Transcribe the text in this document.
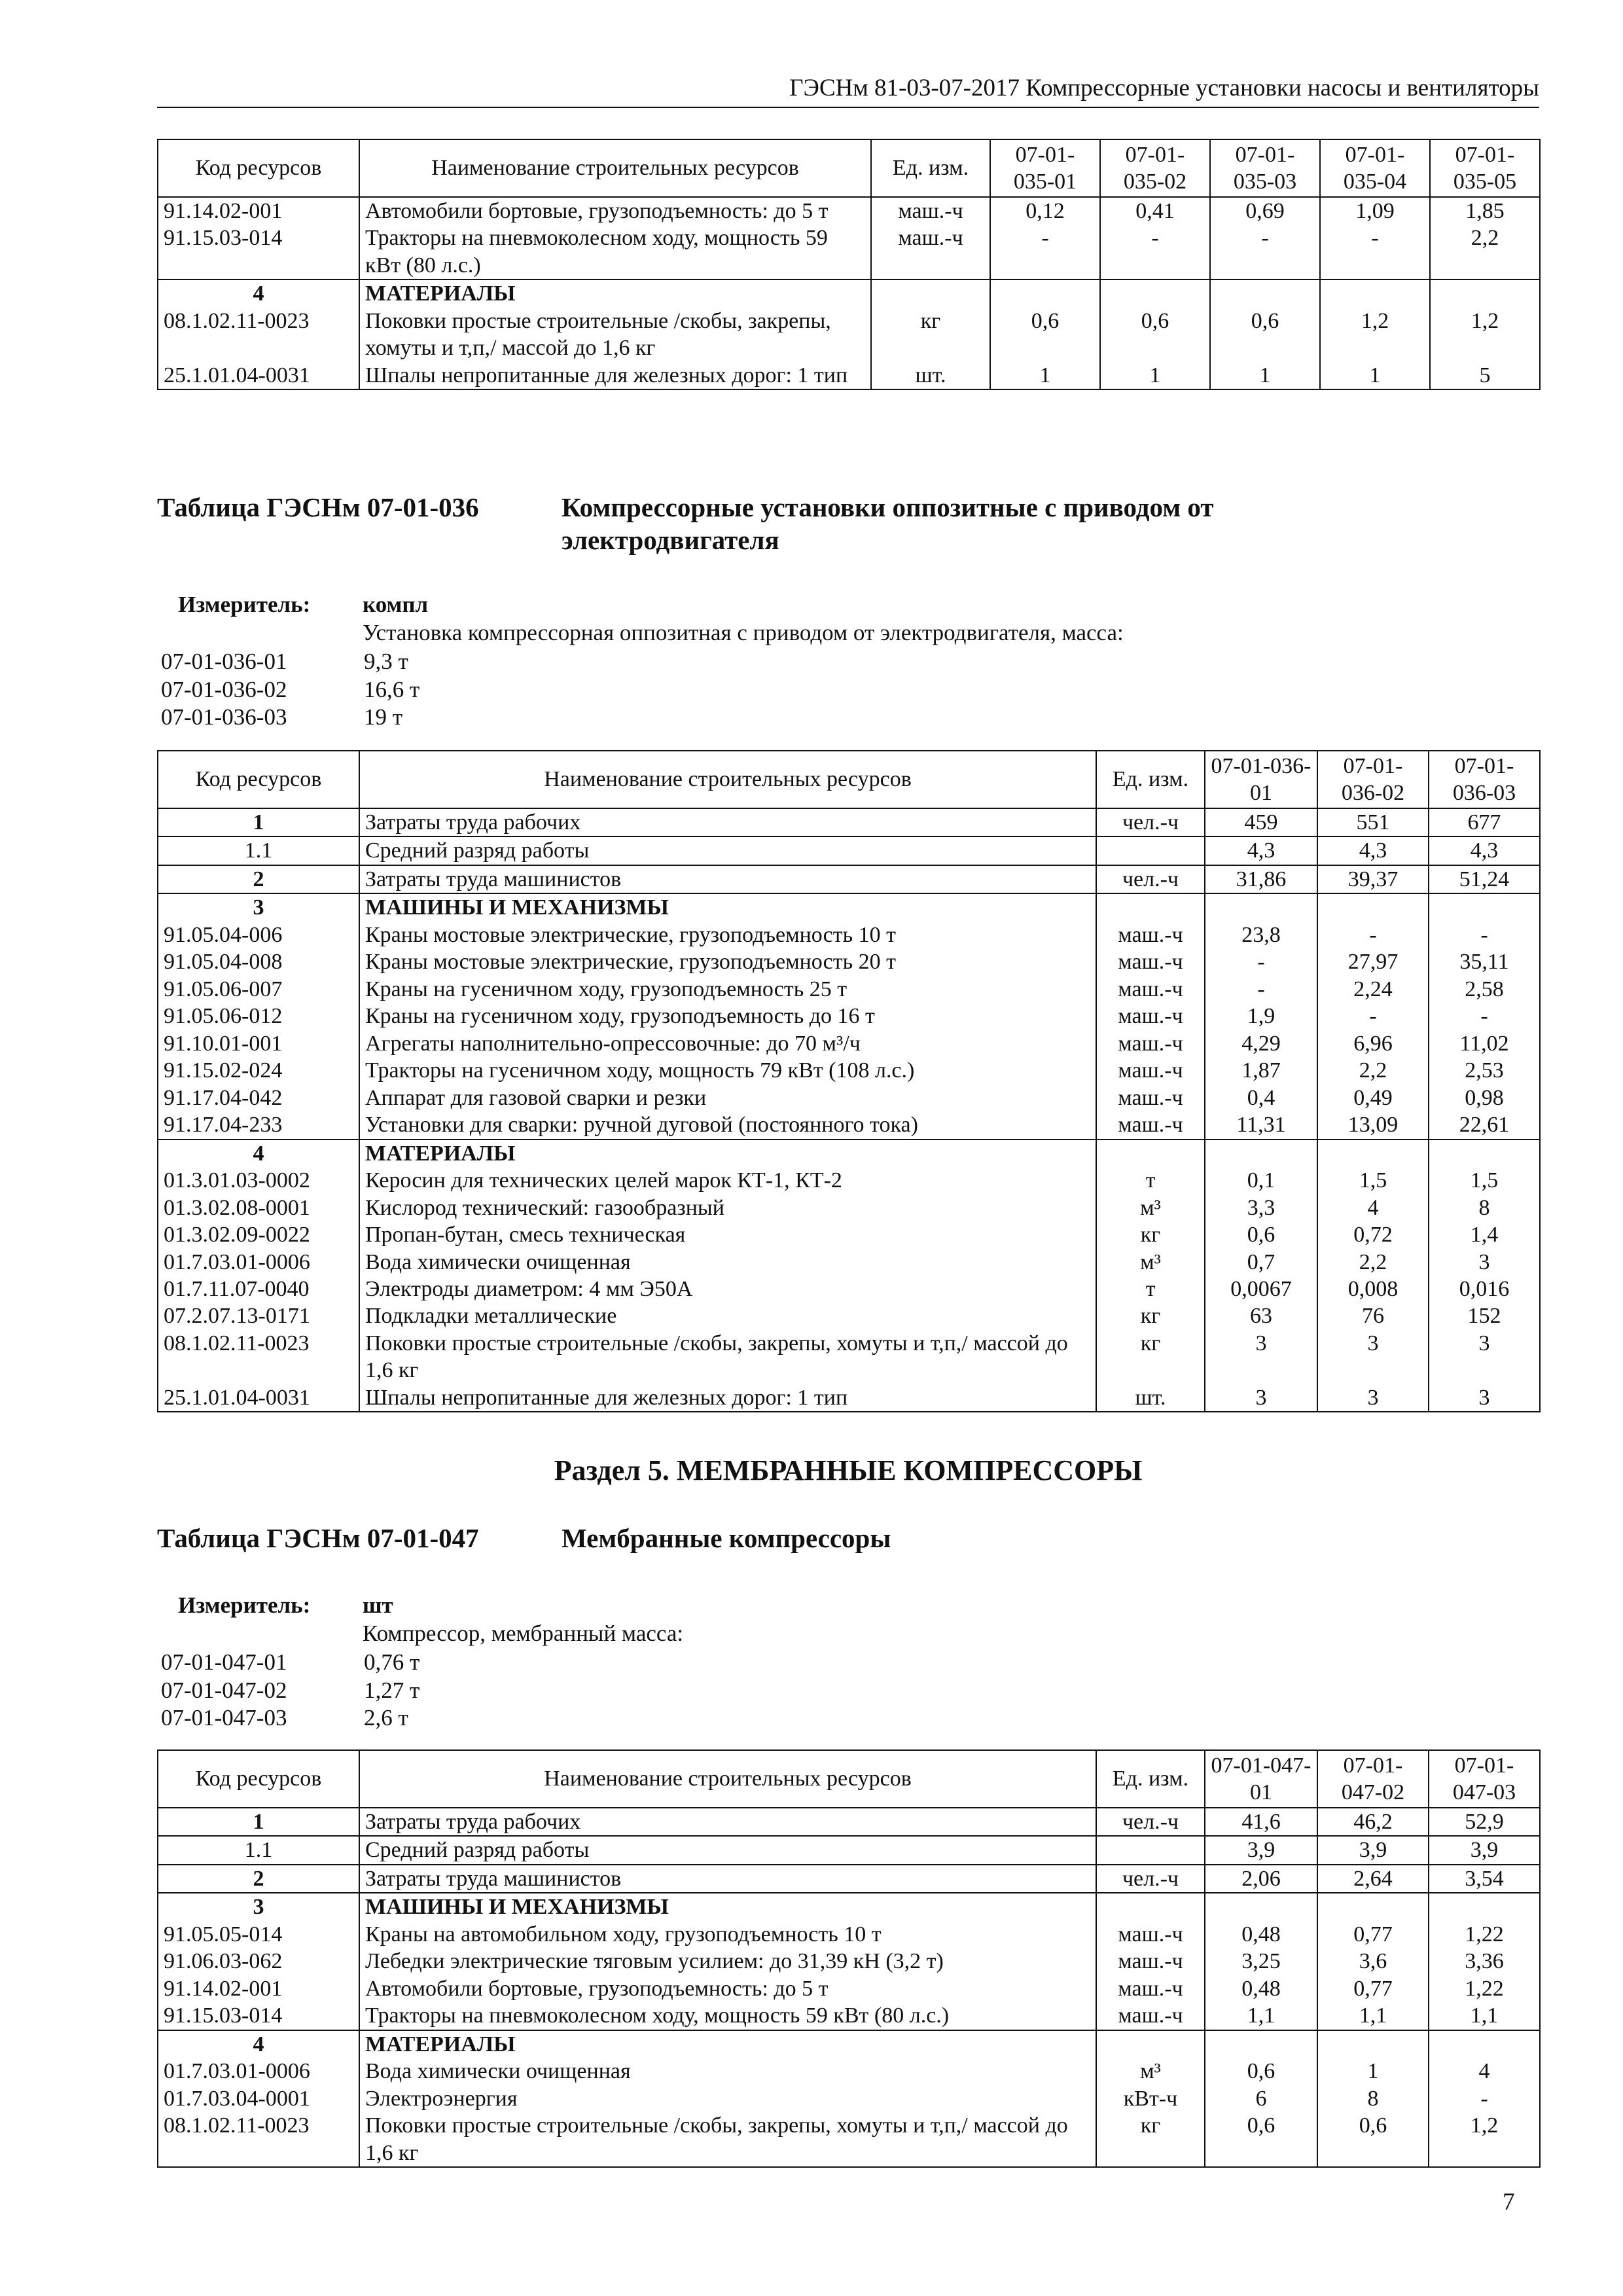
ГЭСНм 81-03-07-2017 Компрессорные установки насосы и вентиляторы
Код ресурсов	Наименование строительных ресурсов	Ед. изм.	07-01-035-01	07-01-035-02	07-01-035-03	07-01-035-04	07-01-035-05
91.14.02-001	Автомобили бортовые, грузоподъемность: до 5 т	маш.-ч	0,12	0,41	0,69	1,09	1,85
91.15.03-014	Тракторы на пневмоколесном ходу, мощность 59 кВт (80 л.с.)	маш.-ч	-	-	-	-	2,2
4	МАТЕРИАЛЫ						
08.1.02.11-0023	Поковки простые строительные /скобы, закрепы, хомуты и т,п,/ массой до 1,6 кг	кг	0,6	0,6	0,6	1,2	1,2
25.1.01.04-0031	Шпалы непропитанные для железных дорог: 1 тип	шт.	1	1	1	1	5
Таблица ГЭСНм 07-01-036	Компрессорные установки оппозитные с приводом от электродвигателя
Измеритель: компл
Установка компрессорная оппозитная с приводом от электродвигателя, масса:
07-01-036-01	9,3 т
07-01-036-02	16,6 т
07-01-036-03	19 т
Код ресурсов	Наименование строительных ресурсов	Ед. изм.	07-01-036-01	07-01-036-02	07-01-036-03
1	Затраты труда рабочих	чел.-ч	459	551	677
1.1	Средний разряд работы		4,3	4,3	4,3
2	Затраты труда машинистов	чел.-ч	31,86	39,37	51,24
3	МАШИНЫ И МЕХАНИЗМЫ				
91.05.04-006	Краны мостовые электрические, грузоподъемность 10 т	маш.-ч	23,8	-	-
91.05.04-008	Краны мостовые электрические, грузоподъемность 20 т	маш.-ч	-	27,97	35,11
91.05.06-007	Краны на гусеничном ходу, грузоподъемность 25 т	маш.-ч	-	2,24	2,58
91.05.06-012	Краны на гусеничном ходу, грузоподъемность до 16 т	маш.-ч	1,9	-	-
91.10.01-001	Агрегаты наполнительно-опрессовочные: до 70 м³/ч	маш.-ч	4,29	6,96	11,02
91.15.02-024	Тракторы на гусеничном ходу, мощность 79 кВт (108 л.с.)	маш.-ч	1,87	2,2	2,53
91.17.04-042	Аппарат для газовой сварки и резки	маш.-ч	0,4	0,49	0,98
91.17.04-233	Установки для сварки: ручной дуговой (постоянного тока)	маш.-ч	11,31	13,09	22,61
4	МАТЕРИАЛЫ				
01.3.01.03-0002	Керосин для технических целей марок КТ-1, КТ-2	т	0,1	1,5	1,5
01.3.02.08-0001	Кислород технический: газообразный	м³	3,3	4	8
01.3.02.09-0022	Пропан-бутан, смесь техническая	кг	0,6	0,72	1,4
01.7.03.01-0006	Вода химически очищенная	м³	0,7	2,2	3
01.7.11.07-0040	Электроды диаметром: 4 мм Э50А	т	0,0067	0,008	0,016
07.2.07.13-0171	Подкладки металлические	кг	63	76	152
08.1.02.11-0023	Поковки простые строительные /скобы, закрепы, хомуты и т,п,/ массой до 1,6 кг	кг	3	3	3
25.1.01.04-0031	Шпалы непропитанные для железных дорог: 1 тип	шт.	3	3	3
Раздел 5. МЕМБРАННЫЕ КОМПРЕССОРЫ
Таблица ГЭСНм 07-01-047	Мембранные компрессоры
Измеритель: шт
Компрессор, мембранный масса:
07-01-047-01	0,76 т
07-01-047-02	1,27 т
07-01-047-03	2,6 т
Код ресурсов	Наименование строительных ресурсов	Ед. изм.	07-01-047-01	07-01-047-02	07-01-047-03
1	Затраты труда рабочих	чел.-ч	41,6	46,2	52,9
1.1	Средний разряд работы		3,9	3,9	3,9
2	Затраты труда машинистов	чел.-ч	2,06	2,64	3,54
3	МАШИНЫ И МЕХАНИЗМЫ				
91.05.05-014	Краны на автомобильном ходу, грузоподъемность 10 т	маш.-ч	0,48	0,77	1,22
91.06.03-062	Лебедки электрические тяговым усилием: до 31,39 кН (3,2 т)	маш.-ч	3,25	3,6	3,36
91.14.02-001	Автомобили бортовые, грузоподъемность: до 5 т	маш.-ч	0,48	0,77	1,22
91.15.03-014	Тракторы на пневмоколесном ходу, мощность 59 кВт (80 л.с.)	маш.-ч	1,1	1,1	1,1
4	МАТЕРИАЛЫ				
01.7.03.01-0006	Вода химически очищенная	м³	0,6	1	4
01.7.03.04-0001	Электроэнергия	кВт-ч	6	8	-
08.1.02.11-0023	Поковки простые строительные /скобы, закрепы, хомуты и т,п,/ массой до 1,6 кг	кг	0,6	0,6	1,2
7
